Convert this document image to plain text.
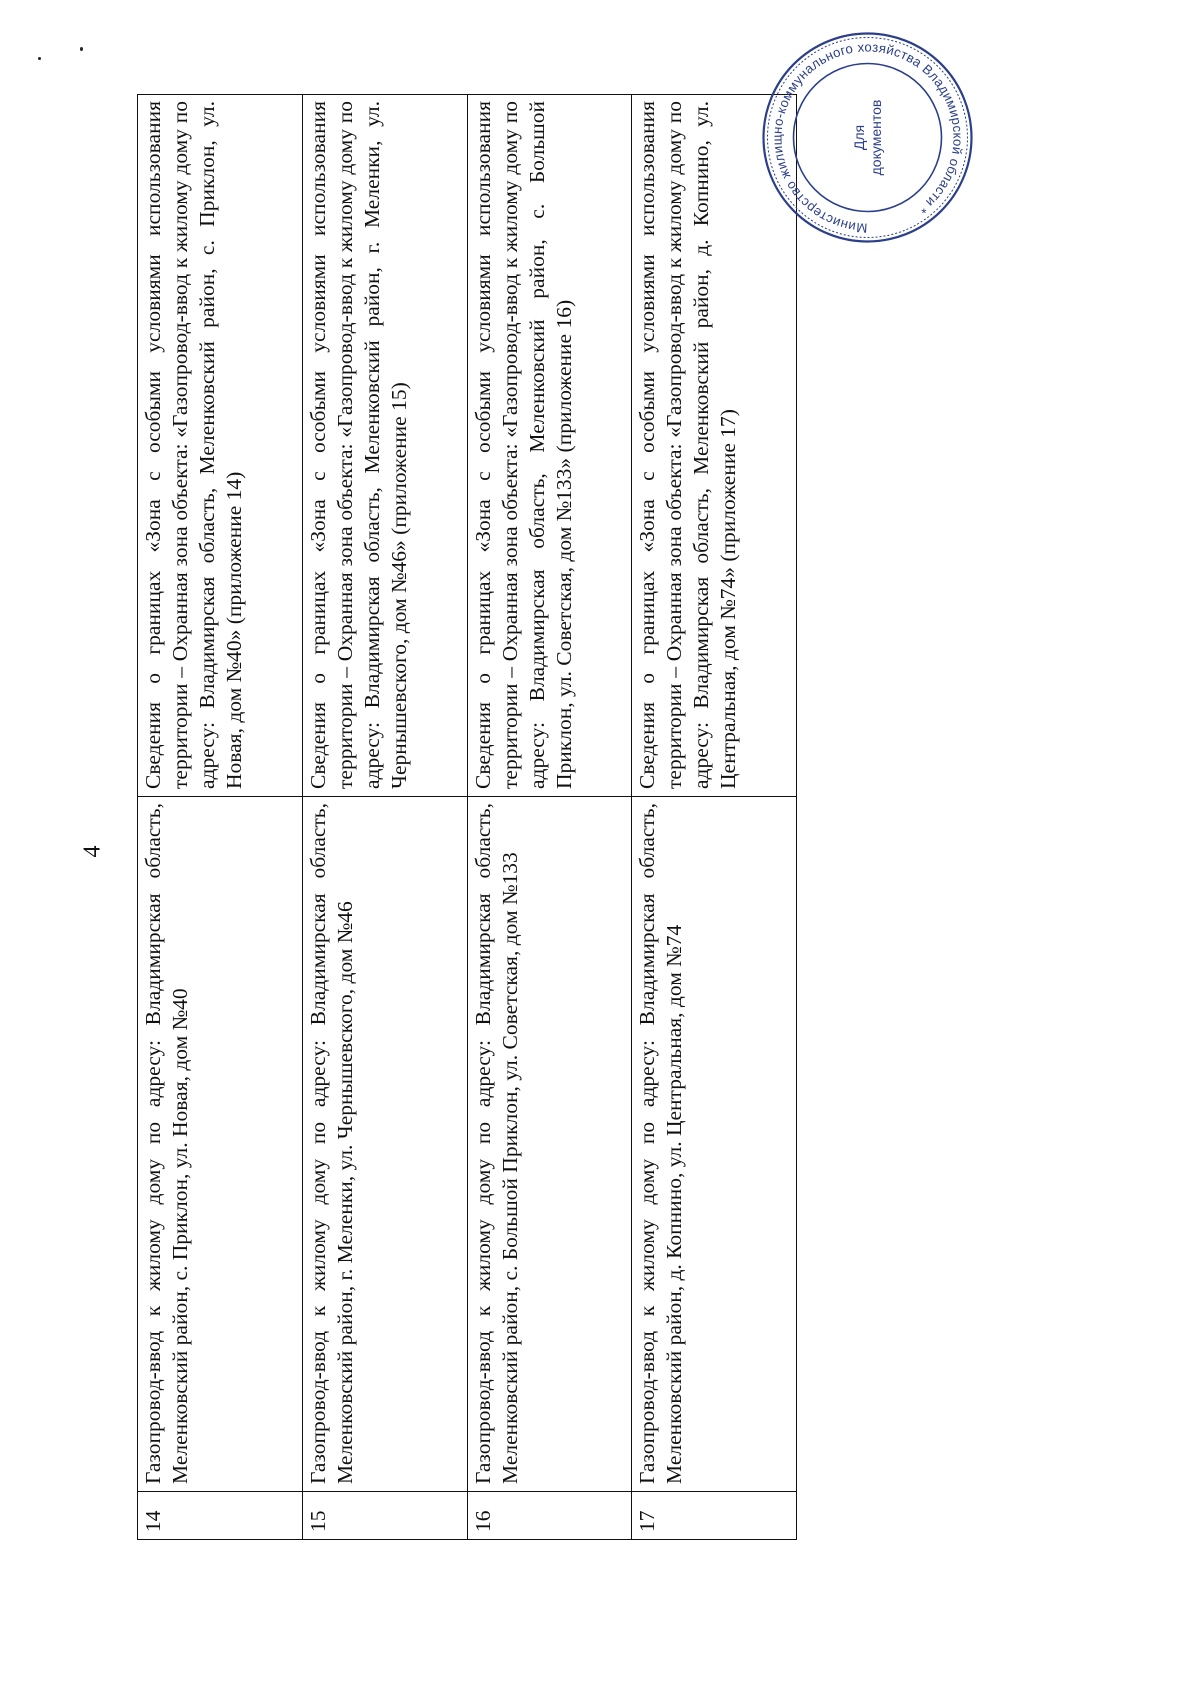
4
14	Газопровод-ввод к жилому дому по адресу: Владимирская область, Меленковский район, с. Приклон, ул. Новая, дом №40	Сведения о границах «Зона с особыми условиями использования территории – Охранная зона объекта: «Газопровод-ввод к жилому дому по адресу: Владимирская область, Меленковский район, с. Приклон, ул. Новая, дом №40» (приложение 14)

15	Газопровод-ввод к жилому дому по адресу: Владимирская область, Меленковский район, г. Меленки, ул. Чернышевского, дом №46	Сведения о границах «Зона с особыми условиями использования территории – Охранная зона объекта: «Газопровод-ввод к жилому дому по адресу: Владимирская область, Меленковский район, г. Меленки, ул. Чернышевского, дом №46» (приложение 15)

16	Газопровод-ввод к жилому дому по адресу: Владимирская область, Меленковский район, с. Большой Приклон, ул. Советская, дом №133	Сведения о границах «Зона с особыми условиями использования территории – Охранная зона объекта: «Газопровод-ввод к жилому дому по адресу: Владимирская область, Меленковский район, с. Большой Приклон, ул. Советская, дом №133» (приложение 16)

17	Газопровод-ввод к жилому дому по адресу: Владимирская область, Меленковский район, д. Копнино, ул. Центральная, дом №74	Сведения о границах «Зона с особыми условиями использования территории – Охранная зона объекта: «Газопровод-ввод к жилому дому по адресу: Владимирская область, Меленковский район, д. Копнино, ул. Центральная, дом №74» (приложение 17)
Министерство жилищно-коммунального хозяйства Владимирской области *
Для документов
